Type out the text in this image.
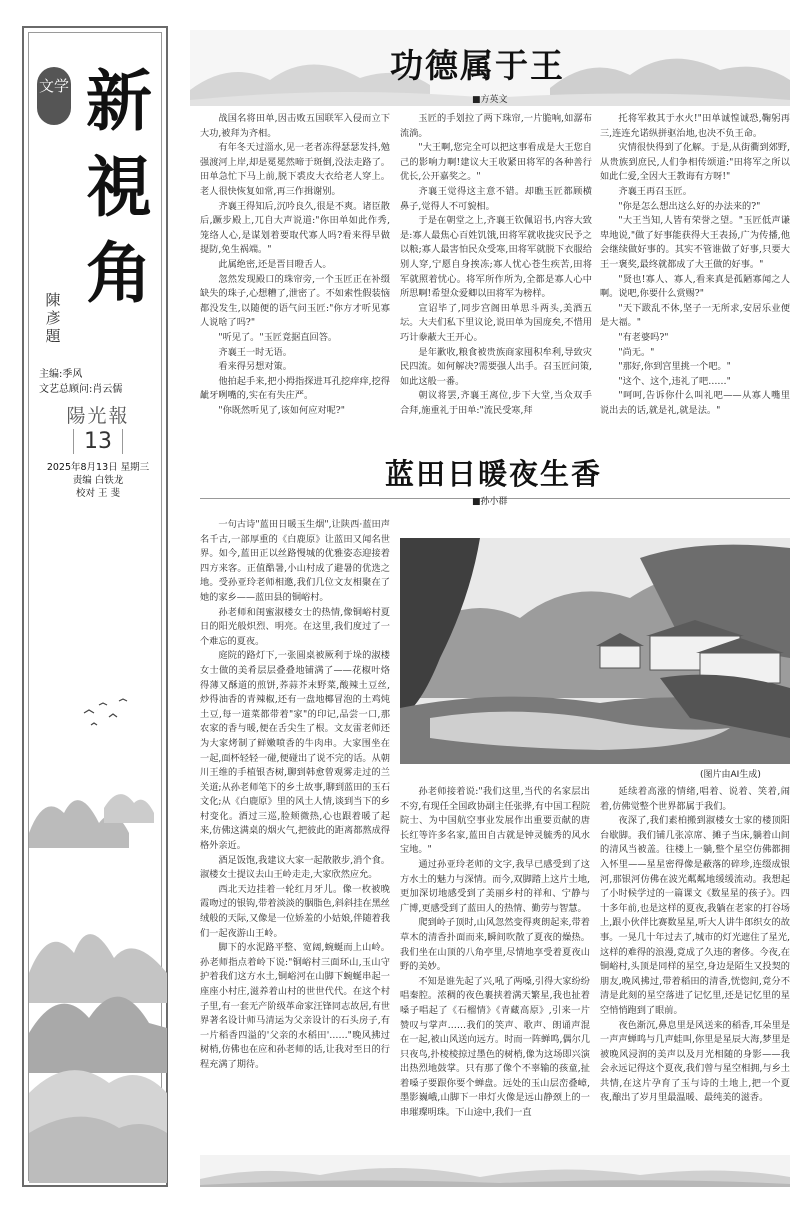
文学 新視角
陳彥題
主编:季风
文艺总顾问:肖云儒
陽光報
13
2025年8月13日 星期三
责编 白铁龙
校对 王 斐
功德属于王
■方英文

战国名将田单,因击败五国联军入侵而立下大功,被拜为齐相。

有年冬天过淄水,见一老者冻得瑟瑟发抖,勉强渡河上岸,却是冕冕然啼于斑倒,没法走路了。田单急忙下马上前,脱下裘皮大衣给老人穿上。老人很快恢复如常,再三作揖谢别。

齐襄王得知后,沉吟良久,很是不爽。诸臣散后,蹶步殿上,兀自大声说道:"你田单如此作秀,笼络人心,是谋划着要取代寡人吗?看来得早做提防,免生祸端。"

此属绝密,还是晋目瞪舌人。

忽然发现殿口的珠帘旁,一个玉匠正在补缀缺失的珠子,心想糟了,泄密了。不如索性假装恼都没发生,以随便的语气问玉匠:"你方才听见寡人说啥了吗?"

"听见了。"玉匠竟据直回答。

齐襄王一时无语。

看来得另想对策。

他拍起手来,把小拇指探进耳孔挖痒痒,挖得龇牙咧嘴的,实在有失庄严。

"你既然听见了,该如何应对呢?"

玉匠的手划拉了两下珠帘,一片脆响,如潺布流淌。

"大王啊,您完全可以把这事看成是大王您自己的影响力啊!建议大王收紧田将军的各种善行优长,公开嘉奖之。"

齐襄王觉得这主意不错。却瞧玉匠都顾横鼻子,觉得人不可貌相。

于是在朝堂之上,齐襄王钦佩诏书,内容大致是:寡人最焦心百姓饥饿,田将军就收拢灾民予之以粮;寡人最害怕民众受寒,田将军就脱下衣服给别人穿,宁愿自身挨冻;寡人忧心苍生疾苦,田将军就照着忧心。将军所作所为,全都是寡人心中所思啊!希望众爱卿以田将军为榜样。

宣诏毕了,同步宫阁田单思斗两头,美酒五坛。大夫们私下里议论,说田单为国庞矣,不惜用巧计豢蔽大王开心。

是年歉收,粮食被贵族商家囤积牟利,导致灾民四流。如何解决?需要强人出手。召玉匠问策,如此这般一番。

朝议将罢,齐襄王离位,步下大堂,当众双手合拜,施重礼于田单:"流民受寒,拜

托将军救其于水火!"田单诚惶诚恐,鞠躬再三,连连允诺纵拼驱治地,也决不负王命。

灾情很快得到了化解。于是,从街衢到郊野,从贵族到庶民,人们争相传颂道:"田将军之所以如此仁爱,全因大王教诲有方呀!"

齐襄王再召玉匠。

"你是怎么想出这么好的办法来的?"

"大王当知,人皆有荣誉之望。"玉匠低声谦卑地说,"做了好事能获得大王表扬,广为传播,他会继续做好事的。其实不管谁做了好事,只要大王一褒奖,最终就都成了大王做的好事。"

"贤也!寡人、寡人,看来真是孤陋寡闻之人啊。说吧,你要什么赏赐?"

"天下跋乱不休,坚子一无所求,安居乐业便是大福。"

"有老婆吗?"

"尚无。"

"那好,你到宫里挑一个吧。"

"这个、这个,违礼了吧……"

"呵呵,告诉你什么叫礼吧——从寡人嘴里说出去的话,就是礼,就是法。"

蓝田日暖夜生香
■孙小群

一句古诗"蓝田日暖玉生烟",让陕西·蓝田声名千古,一部厚重的《白鹿原》让蓝田又闻名世界。如今,蓝田正以丝路慢城的优雅姿态迎接着四方来客。正值酷暑,小山村成了避暑的优选之地。受孙亚玲老师相邀,我们几位文友相聚在了她的家乡——蓝田县的铜峪村。

孙老师和闺蜜淑楼女士的热情,像铜峪村夏日的阳光般炽烈、明亮。在这里,我们度过了一个难忘的夏夜。

庭院的路灯下,一张圆桌被厥利于垛的淑楼女士做的美肴层层叠叠地铺满了——花椒叶烙得薄又酥道的煎饼,荞蒜芥末野菜,酸辣土豆丝,炒得油香的青辣椒,还有一盘地椰冒泡的土鸡炖土豆,每一道菜都带着"家"的印记,品尝一口,那农家的香与暖,便在舌尖生了根。文友雷老师还为大家烤制了鲜嫩喷香的牛肉串。大家围坐在一起,面杯轻轻一碰,便碰出了说不完的话。从朝川王维的手植银杏树,聊到韩愈曾观雾走过的兰关道;从孙老师笔下的乡土故事,聊到蓝田的玉石文化;从《白鹿原》里的风土人情,谈到当下的乡村变化。酒过三巡,脸颊微热,心也跟着暖了起来,仿佛这满桌的烟火气,把彼此的距离都熬成得格外亲近。

酒足饭饱,我建议大家一起散散步,消个食。淑楼女士提议去山王岭走走,大家欣然应允。

西北天边挂着一轮红月牙儿。像一枚被晚霞吻过的银钩,带着淡淡的胭脂色,斜斜挂在黑丝绒般的天际,又像是一位娇羞的小姑娘,伴随着我们一起夜游山王岭。

脚下的水泥路平整、宽阔,蜿蜒而上山岭。孙老师指点着岭下说:"铜峪村三面环山,玉山守护着我们这方水土,铜峪河在山脚下蜿蜒串起一座座小村庄,滋养着山村的世世代代。在这个村子里,有一套无产阶级革命家汪锋同志故居,有世界著名设计师马清运为父亲设计的石头房子,有一片稻香四溢的'父亲的水稻田'……"晚风拂过树梢,仿佛也在应和孙老师的话,让我对至日的行程充满了期待。

(图片由AI生成)

孙老师接着说:"我们这里,当代的名家层出不穷,有现任全国政协副主任张骅,有中国工程院院士、为中国航空事业发展作出重要贡献的唐长红等许多名家,蓝田自古就是钟灵毓秀的风水宝地。"

通过孙亚玲老师的文字,我早已感受到了这方水土的魅力与深情。而今,双脚踏上这片土地,更加深切地感受到了美丽乡村的祥和、宁静与广博,更感受到了蓝田人的热情、勤劳与智慧。

爬到岭子顶时,山风忽然变得爽朗起来,带着草木的清香扑面而来,瞬间吹散了夏夜的燥热。我们坐在山顶的八角亭里,尽情地享受着夏夜山野的美妙。

不知是谁先起了兴,吼了两嗓,引得大家纷纷唱秦腔。浓稠的夜色裹挟着满天繁星,我也扯着嗓子唱起了《石榴情》《青藏高原》,引来一片赞叹与掌声……我们的笑声、歌声、朗诵声混在一起,被山风送向远方。时而一阵蝉鸣,偶尔几只夜鸟,扑棱棱掠过墨色的树梢,像为这场即兴演出热烈地鼓掌。只有那了像个不辜输的孩童,扯着嗓子要跟你要个蝉盘。远处的玉山层峦叠嶂,墨影巍峨,山脚下一串灯火像是远山静颈上的一串璀璨明珠。下山途中,我们一直

延续着高涨的情绪,唱着、说着、笑着,闹着,仿佛觉整个世界都属于我们。

夜深了,我们素柏搬到淑楼女士家的楼顶阳台歇脚。我们铺几张凉席、摊子当床,躺着山间的清风当被盖。往楼上一躺,整个星空仿佛都拥入怀里——星星密得像是蔽落的碎珍,连缀成银河,那银河仿佛在波光粼粼地缓缓流动。我想起了小时候学过的一篇课文《数星星的孩子》。四十多年前,也是这样的夏夜,我躺在老家的打谷场上,跟小伙伴比赛数星星,听大人讲牛郎织女的故事。一晃几十年过去了,城市的灯光遮住了星光,这样的难得的浪漫,竟成了久违的奢侈。今夜,在铜峪村,头顶是同样的星空,身边是陌生又投契的朋友,晚风拂过,带着稻田的清香,恍惚间,竟分不清是此刻的星空落进了记忆里,还是记忆里的星空悄悄跑到了眼前。

夜色渐沉,鼻息里是风送来的稻香,耳朵里是一声声蝉鸣与几声蛙叫,你里是星辰大海,梦里是被晚风浸润的美声以及月光相随的身影——我会永远记得这个夏夜,我们曾与星空相拥,与乡土共情,在这片孕育了玉与诗的土地上,把一个夏夜,酿出了岁月里最温暖、最纯美的滋香。
